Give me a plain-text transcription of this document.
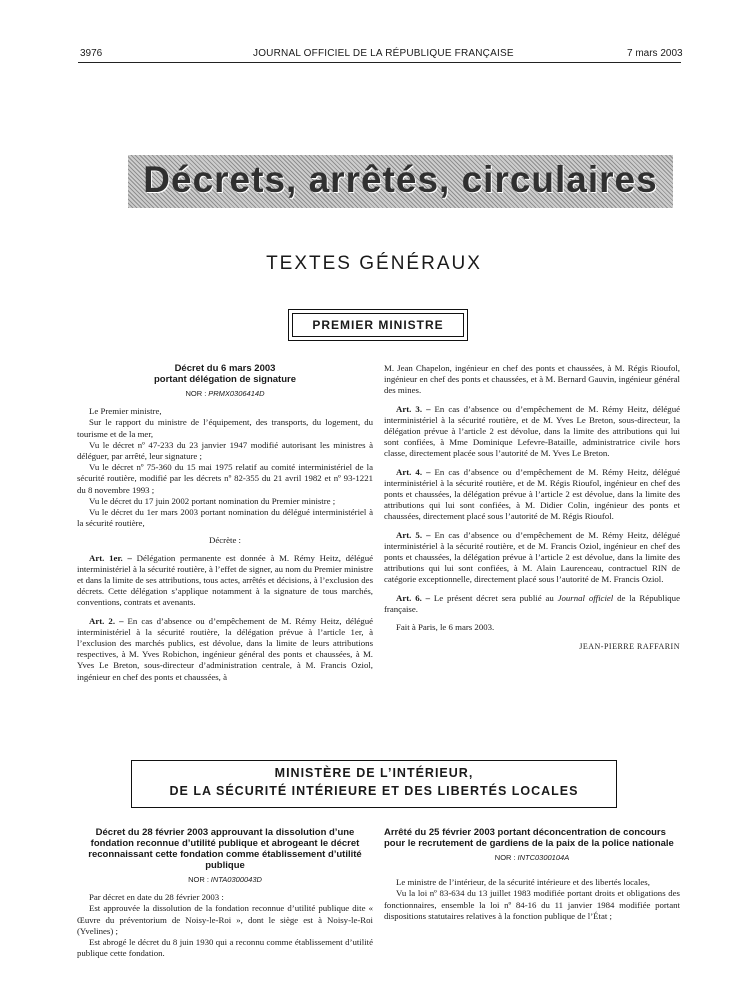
3976	JOURNAL OFFICIEL DE LA RÉPUBLIQUE FRANÇAISE	7 mars 2003
Décrets, arrêtés, circulaires
TEXTES GÉNÉRAUX
PREMIER MINISTRE
Décret du 6 mars 2003
portant délégation de signature
NOR : PRMX0306414D

Le Premier ministre,

Sur le rapport du ministre de l’équipement, des transports, du logement, du tourisme et de la mer,

Vu le décret nº 47-233 du 23 janvier 1947 modifié autorisant les ministres à déléguer, par arrêté, leur signature ;

Vu le décret nº 75-360 du 15 mai 1975 relatif au comité interministériel de la sécurité routière, modifié par les décrets nº 82-355 du 21 avril 1982 et nº 93-1221 du 8 novembre 1993 ;

Vu le décret du 17 juin 2002 portant nomination du Premier ministre ;

Vu le décret du 1er mars 2003 portant nomination du délégué interministériel à la sécurité routière,

Décrète :

Art. 1er. – Délégation permanente est donnée à M. Rémy Heitz, délégué interministériel à la sécurité routière, à l’effet de signer, au nom du Premier ministre et dans la limite de ses attributions, tous actes, arrêtés et décisions, à l’exclusion des décrets. Cette délégation s’applique notamment à la signature de tous marchés, conventions, contrats et avenants.

Art. 2. – En cas d’absence ou d’empêchement de M. Rémy Heitz, délégué interministériel à la sécurité routière, la délégation prévue à l’article 1er, à l’exclusion des marchés publics, est dévolue, dans la limite de leurs attributions respectives, à M. Yves Robichon, ingénieur général des ponts et chaussées, à M. Yves Le Breton, sous-directeur d’administration centrale, à M. Francis Oziol, ingénieur en chef des ponts et chaussées, à

M. Jean Chapelon, ingénieur en chef des ponts et chaussées, à M. Régis Rioufol, ingénieur en chef des ponts et chaussées, et à M. Bernard Gauvin, ingénieur général des mines.

Art. 3. – En cas d’absence ou d’empêchement de M. Rémy Heitz, délégué interministériel à la sécurité routière, et de M. Yves Le Breton, sous-directeur, la délégation prévue à l’article 2 est dévolue, dans la limite des attributions qui lui sont confiées, à Mme Dominique Lefevre-Bataille, administratrice civile hors classe, directement placée sous l’autorité de M. Yves Le Breton.

Art. 4. – En cas d’absence ou d’empêchement de M. Rémy Heitz, délégué interministériel à la sécurité routière, et de M. Régis Rioufol, ingénieur en chef des ponts et chaussées, la délégation prévue à l’article 2 est dévolue, dans la limite des attributions qui lui sont confiées, à M. Didier Colin, ingénieur des ponts et chaussées, directement placé sous l’autorité de M. Régis Rioufol.

Art. 5. – En cas d’absence ou d’empêchement de M. Rémy Heitz, délégué interministériel à la sécurité routière, et de M. Francis Oziol, ingénieur en chef des ponts et chaussées, la délégation prévue à l’article 2 est dévolue, dans la limite des attributions qui lui sont confiées, à M. Alain Laurenceau, contractuel RIN de catégorie exceptionnelle, directement placé sous l’autorité de M. Francis Oziol.

Art. 6. – Le présent décret sera publié au Journal officiel de la République française.

Fait à Paris, le 6 mars 2003.

JEAN-PIERRE RAFFARIN

MINISTÈRE DE L’INTÉRIEUR,
DE LA SÉCURITÉ INTÉRIEURE ET DES LIBERTÉS LOCALES
Décret du 28 février 2003 approuvant la dissolution d’une fondation reconnue d’utilité publique et abrogeant le décret reconnaissant cette fondation comme établissement d’utilité publique
NOR : INTA0300043D

Par décret en date du 28 février 2003 :

Est approuvée la dissolution de la fondation reconnue d’utilité publique dite « Œuvre du préventorium de Noisy-le-Roi », dont le siège est à Noisy-le-Roi (Yvelines) ;

Est abrogé le décret du 8 juin 1930 qui a reconnu comme établissement d’utilité publique cette fondation.

Arrêté du 25 février 2003 portant déconcentration de concours pour le recrutement de gardiens de la paix de la police nationale
NOR : INTC0300104A

Le ministre de l’intérieur, de la sécurité intérieure et des libertés locales,

Vu la loi nº 83-634 du 13 juillet 1983 modifiée portant droits et obligations des fonctionnaires, ensemble la loi nº 84-16 du 11 janvier 1984 modifiée portant dispositions statutaires relatives à la fonction publique de l’État ;
